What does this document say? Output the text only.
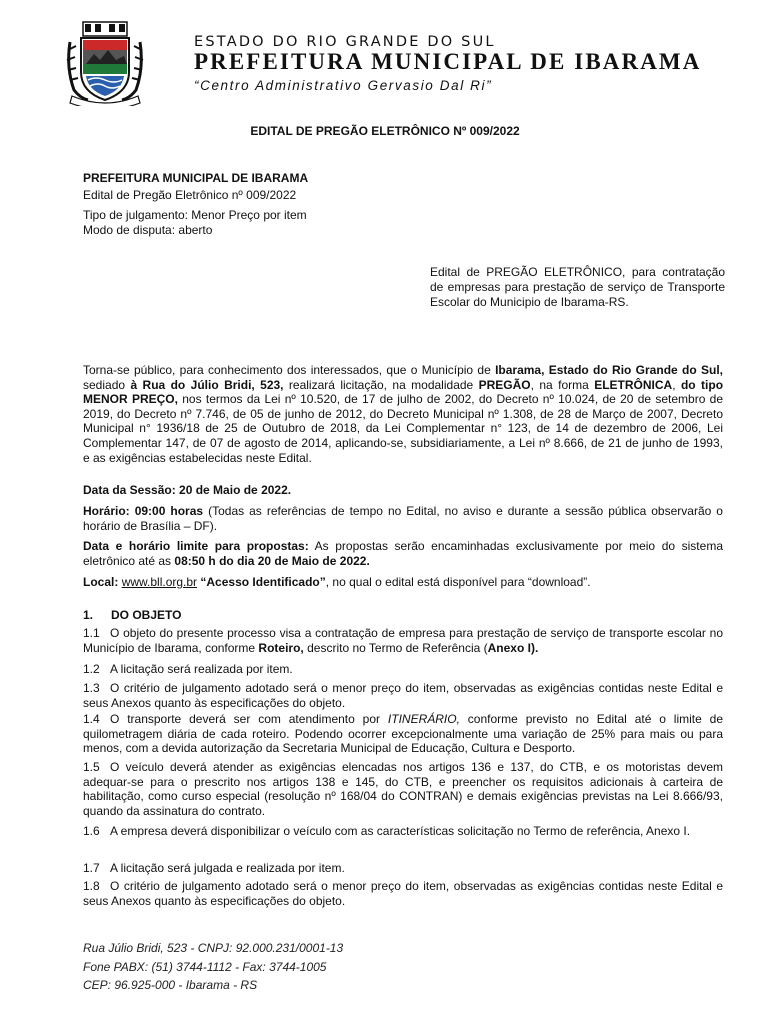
ESTADO DO RIO GRANDE DO SUL
PREFEITURA MUNICIPAL DE IBARAMA
“Centro Administrativo Gervasio Dal Ri”
EDITAL DE PREGÃO ELETRÔNICO Nº 009/2022
PREFEITURA MUNICIPAL DE IBARAMA
Edital de Pregão Eletrônico nº 009/2022
Tipo de julgamento: Menor Preço por item
Modo de disputa: aberto
Edital de PREGÃO ELETRÔNICO, para contratação de empresas para prestação de serviço de Transporte Escolar do Municipio de Ibarama-RS.
Torna-se público, para conhecimento dos interessados, que o Município de Ibarama, Estado do Rio Grande do Sul, sediado à Rua do Júlio Bridi, 523, realizará licitação, na modalidade PREGÃO, na forma ELETRÔNICA, do tipo MENOR PREÇO, nos termos da Lei nº 10.520, de 17 de julho de 2002, do Decreto nº 10.024, de 20 de setembro de 2019, do Decreto nº 7.746, de 05 de junho de 2012, do Decreto Municipal nº 1.308, de 28 de Março de 2007, Decreto Municipal n° 1936/18 de 25 de Outubro de 2018, da Lei Complementar n° 123, de 14 de dezembro de 2006, Lei Complementar 147, de 07 de agosto de 2014, aplicando-se, subsidiariamente, a Lei nº 8.666, de 21 de junho de 1993, e as exigências estabelecidas neste Edital.
Data da Sessão: 20 de Maio de 2022.
Horário: 09:00 horas (Todas as referências de tempo no Edital, no aviso e durante a sessão pública observarão o horário de Brasília – DF).
Data e horário limite para propostas: As propostas serão encaminhadas exclusivamente por meio do sistema eletrônico até as 08:50 h do dia 20 de Maio de 2022.
Local: www.bll.org.br “Acesso Identificado”, no qual o edital está disponível para “download”.
1. DO OBJETO
1.1 O objeto do presente processo visa a contratação de empresa para prestação de serviço de transporte escolar no Município de Ibarama, conforme Roteiro, descrito no Termo de Referência (Anexo I).
1.2 A licitação será realizada por item.
1.3 O critério de julgamento adotado será o menor preço do item, observadas as exigências contidas neste Edital e seus Anexos quanto às especificações do objeto.
1.4 O transporte deverá ser com atendimento por ITINERÁRIO, conforme previsto no Edital até o limite de quilometragem diária de cada roteiro. Podendo ocorrer excepcionalmente uma variação de 25% para mais ou para menos, com a devida autorização da Secretaria Municipal de Educação, Cultura e Desporto.
1.5 O veículo deverá atender as exigências elencadas nos artigos 136 e 137, do CTB, e os motoristas devem adequar-se para o prescrito nos artigos 138 e 145, do CTB, e preencher os requisitos adicionais à carteira de habilitação, como curso especial (resolução nº 168/04 do CONTRAN) e demais exigências previstas na Lei 8.666/93, quando da assinatura do contrato.
1.6 A empresa deverá disponibilizar o veículo com as características solicitação no Termo de referência, Anexo I.
1.7 A licitação será julgada e realizada por item.
1.8 O critério de julgamento adotado será o menor preço do item, observadas as exigências contidas neste Edital e seus Anexos quanto às especificações do objeto.
Rua Júlio Bridi, 523 - CNPJ: 92.000.231/0001-13
Fone PABX: (51) 3744-1112 - Fax: 3744-1005
CEP: 96.925-000 - Ibarama - RS
